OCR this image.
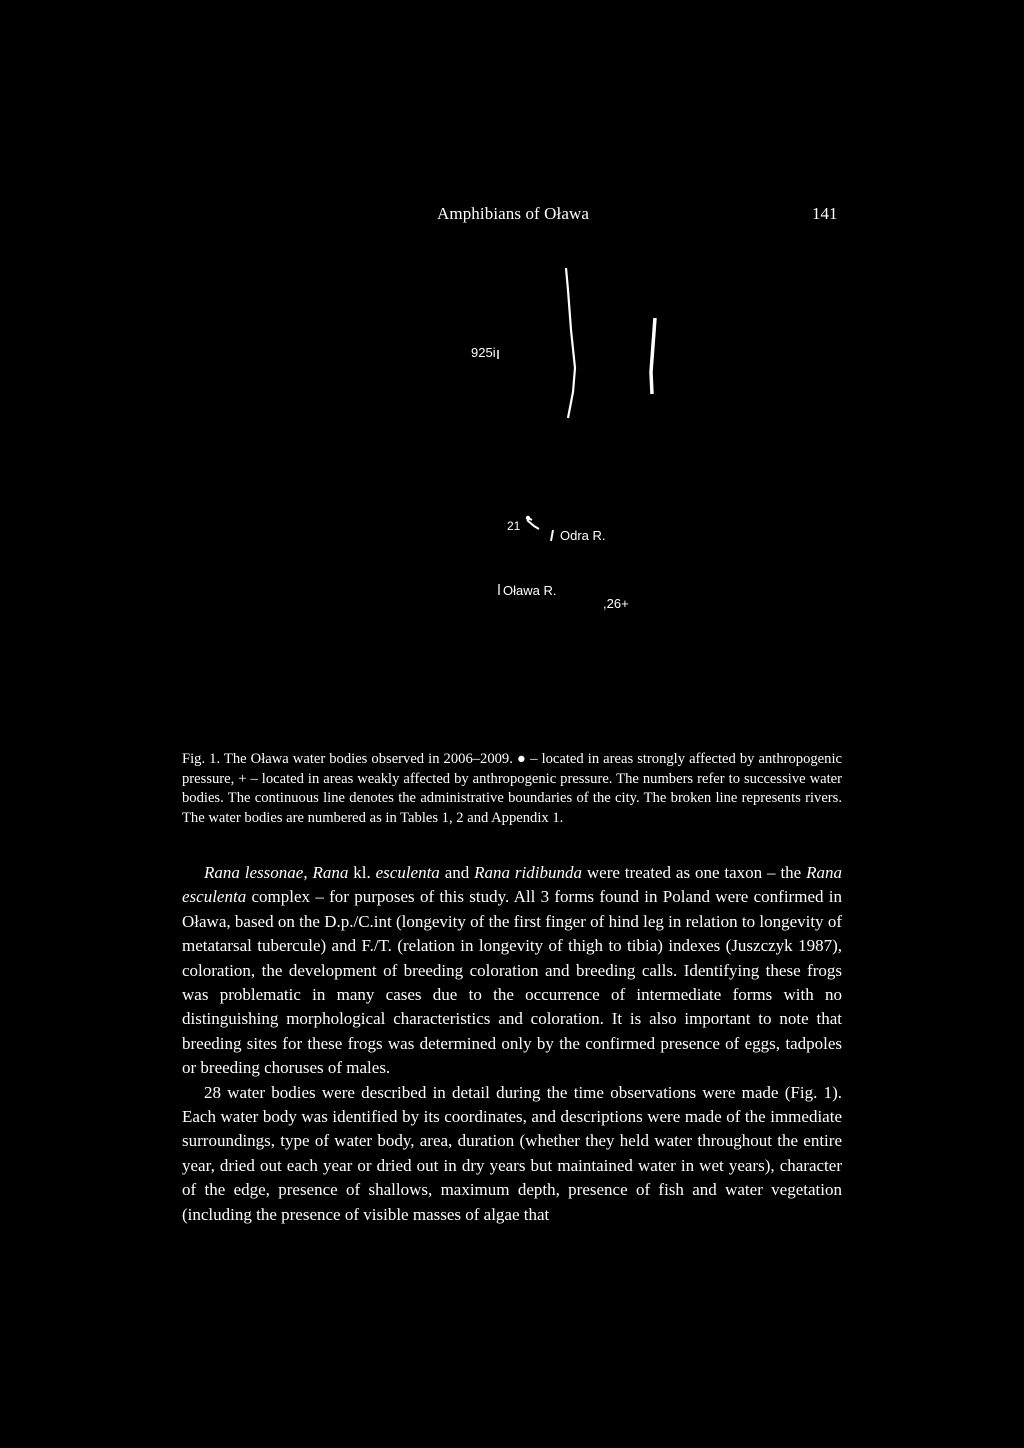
Amphibians of Oława	141
925i
21
Odra R.
Oława R.
,26+

Fig. 1. The Oława water bodies observed in 2006–2009. ● – located in areas strongly affected by anthropogenic pressure, + – located in areas weakly affected by anthropogenic pressure. The numbers refer to successive water bodies. The continuous line denotes the administrative boundaries of the city. The broken line represents rivers. The water bodies are numbered as in Tables 1, 2 and Appendix 1.

Rana lessonae, Rana kl. esculenta and Rana ridibunda were treated as one taxon – the Rana esculenta complex – for purposes of this study. All 3 forms found in Poland were confirmed in Oława, based on the D.p./C.int (longevity of the first finger of hind leg in relation to longevity of metatarsal tubercule) and F./T. (relation in longevity of thigh to tibia) indexes (Juszczyk 1987), coloration, the development of breeding coloration and breeding calls. Identifying these frogs was problematic in many cases due to the occurrence of intermediate forms with no distinguishing morphological characteristics and coloration. It is also important to note that breeding sites for these frogs was determined only by the confirmed presence of eggs, tadpoles or breeding choruses of males.

28 water bodies were described in detail during the time observations were made (Fig. 1). Each water body was identified by its coordinates, and descriptions were made of the immediate surroundings, type of water body, area, duration (whether they held water throughout the entire year, dried out each year or dried out in dry years but maintained water in wet years), character of the edge, presence of shallows, maximum depth, presence of fish and water vegetation (including the presence of visible masses of algae that
